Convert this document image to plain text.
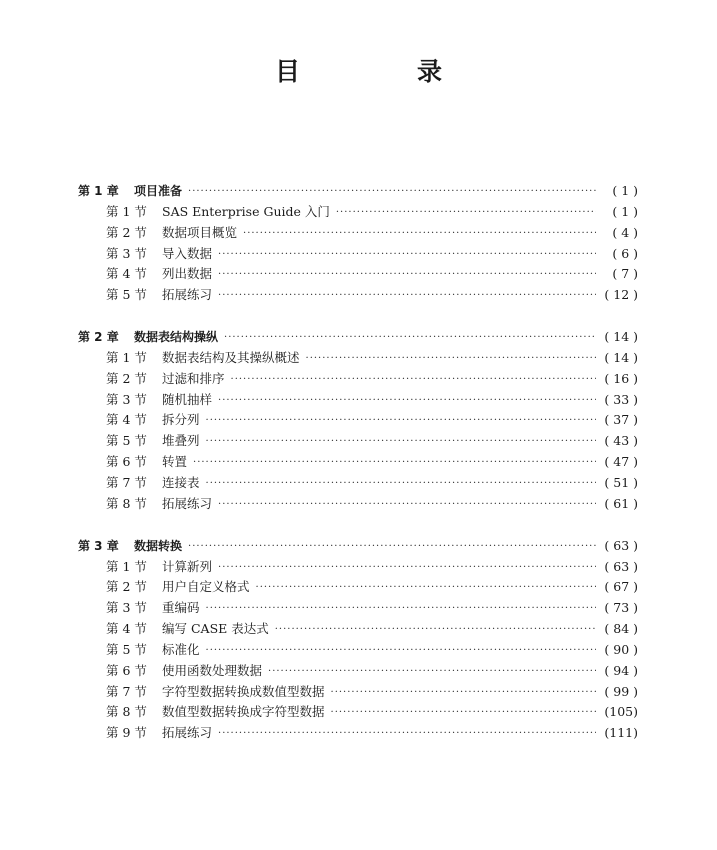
目　录
第 1 章	项目准备 ·····	( 1 )
第 1 节	SAS Enterprise Guide 入门 ·····	( 1 )
第 2 节	数据项目概览 ·····	( 4 )
第 3 节	导入数据 ·····	( 6 )
第 4 节	列出数据 ·····	( 7 )
第 5 节	拓展练习 ·····	( 12 )
第 2 章	数据表结构操纵 ·····	( 14 )
第 1 节	数据表结构及其操纵概述 ·····	( 14 )
第 2 节	过滤和排序 ·····	( 16 )
第 3 节	随机抽样 ·····	( 33 )
第 4 节	拆分列 ·····	( 37 )
第 5 节	堆叠列 ·····	( 43 )
第 6 节	转置 ·····	( 47 )
第 7 节	连接表 ·····	( 51 )
第 8 节	拓展练习 ·····	( 61 )
第 3 章	数据转换 ·····	( 63 )
第 1 节	计算新列 ·····	( 63 )
第 2 节	用户自定义格式 ·····	( 67 )
第 3 节	重编码 ·····	( 73 )
第 4 节	编写 CASE 表达式 ·····	( 84 )
第 5 节	标准化 ·····	( 90 )
第 6 节	使用函数处理数据 ·····	( 94 )
第 7 节	字符型数据转换成数值型数据 ·····	( 99 )
第 8 节	数值型数据转换成字符型数据 ·····	(105)
第 9 节	拓展练习 ·····	(111)
